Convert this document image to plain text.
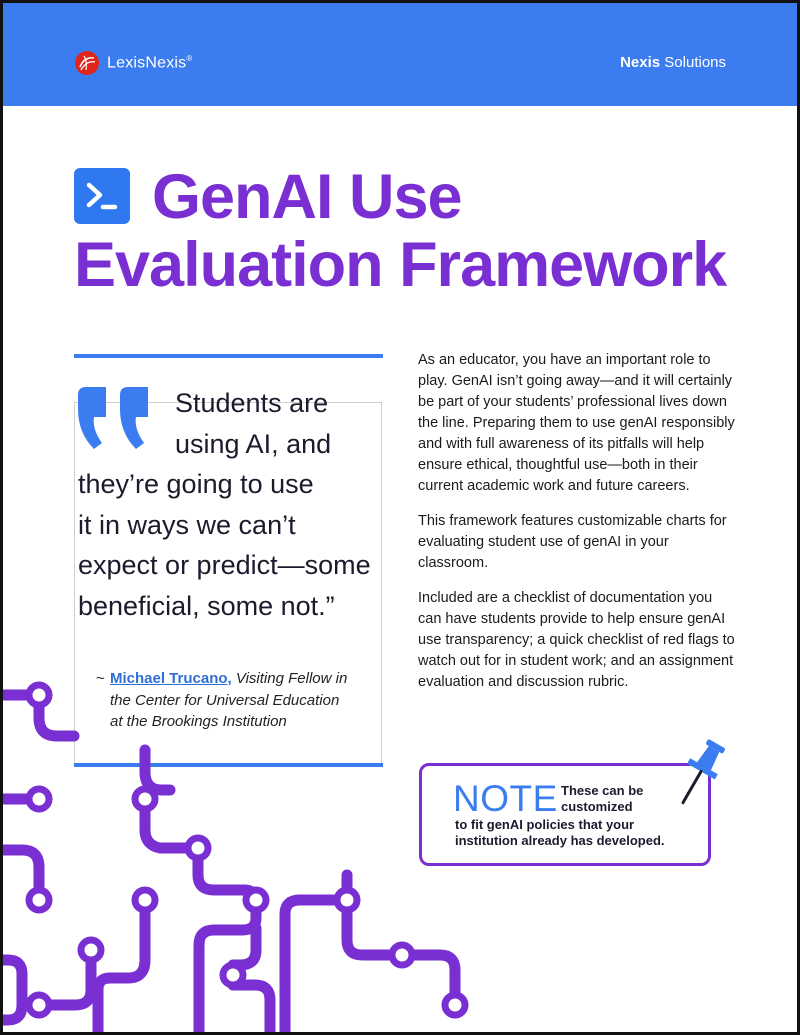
LexisNexis®	Nexis Solutions
GenAI Use
Evaluation Framework
Students are
using AI, and
they’re going to use
it in ways we can’t
expect or predict—some
beneficial, some not.”
~ Michael Trucano, Visiting Fellow in
the Center for Universal Education
at the Brookings Institution

As an educator, you have an important role to play. GenAI isn’t going away—and it will certainly be part of your students’ professional lives down the line. Preparing them to use genAI responsibly and with full awareness of its pitfalls will help ensure ethical, thoughtful use—both in their current academic work and future careers.

This framework features customizable charts for evaluating student use of genAI in your classroom.

Included are a checklist of documentation you can have students provide to help ensure genAI use transparency; a quick checklist of red flags to watch out for in student work; and an assignment evaluation and discussion rubric.

NOTE These can be customized
to fit genAI policies that your institution already has developed.
